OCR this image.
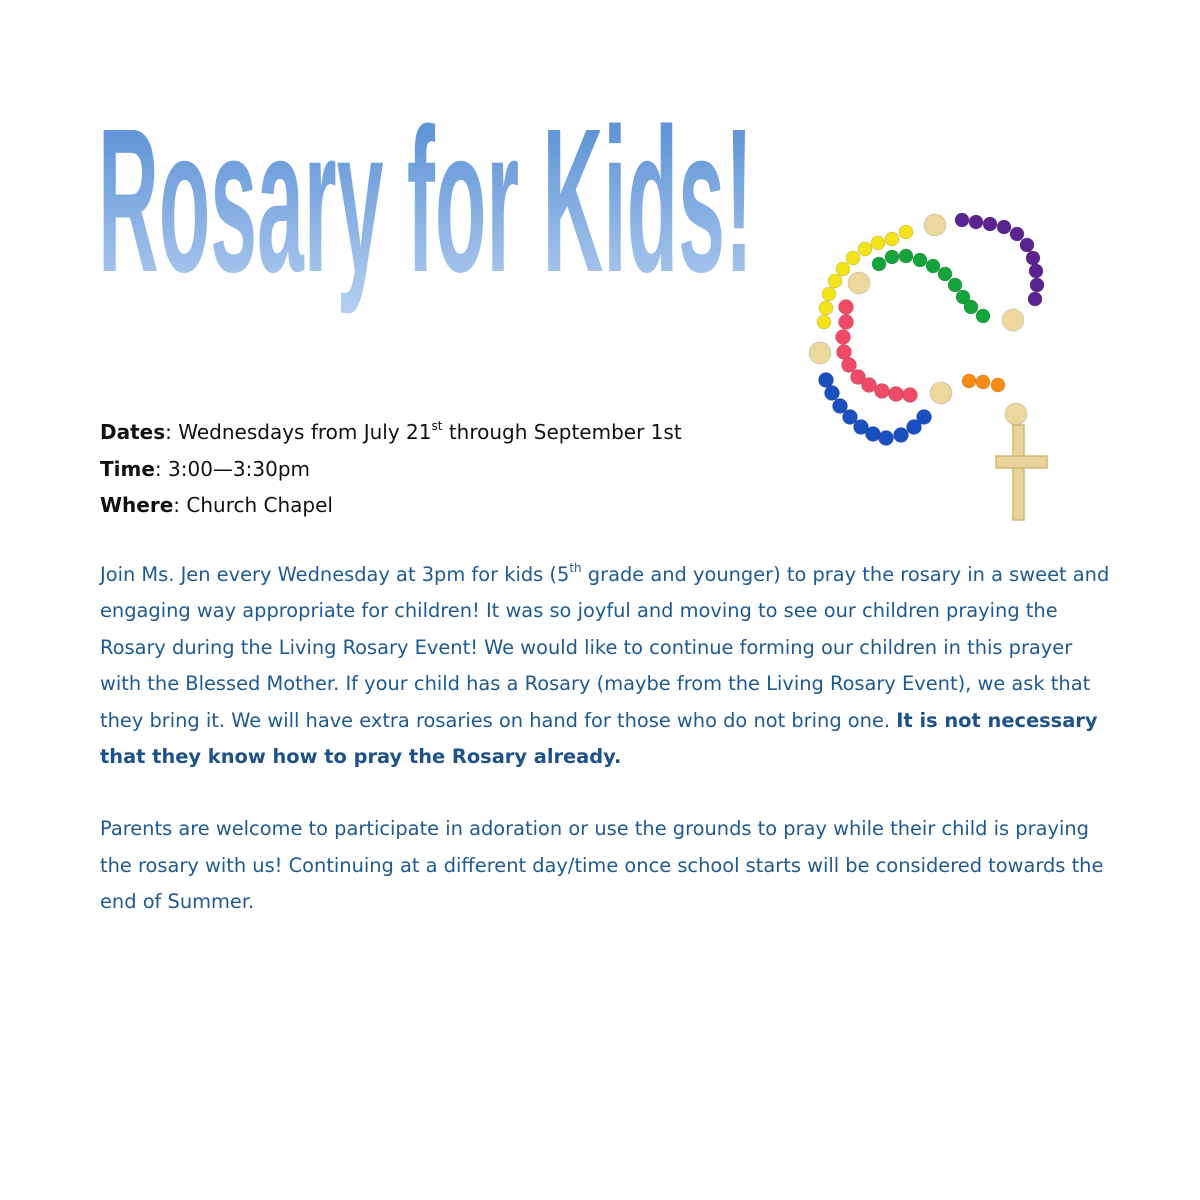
Rosary for Kids!
Dates: Wednesdays from July 21st through September 1st
Time: 3:00—3:30pm
Where: Church Chapel

Join Ms. Jen every Wednesday at 3pm for kids (5th grade and younger) to pray the rosary in a sweet and engaging way appropriate for children! It was so joyful and moving to see our children praying the Rosary during the Living Rosary Event! We would like to continue forming our children in this prayer with the Blessed Mother. If your child has a Rosary (maybe from the Living Rosary Event), we ask that they bring it. We will have extra rosaries on hand for those who do not bring one. It is not necessary that they know how to pray the Rosary already.

Parents are welcome to participate in adoration or use the grounds to pray while their child is praying the rosary with us! Continuing at a different day/time once school starts will be considered towards the end of Summer.
